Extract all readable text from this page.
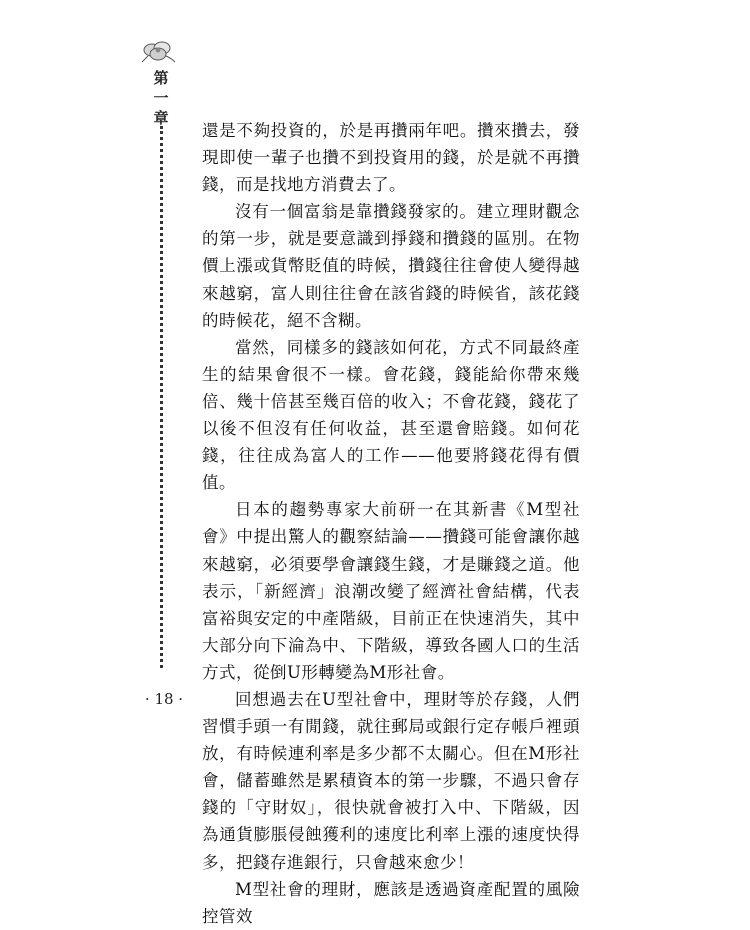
第
一
章

還是不夠投資的，於是再攢兩年吧。攢來攢去，發現即使一輩子也攢不到投資用的錢，於是就不再攢錢，而是找地方消費去了。

沒有一個富翁是靠攢錢發家的。建立理財觀念的第一步，就是要意識到掙錢和攢錢的區別。在物價上漲或貨幣貶值的時候，攢錢往往會使人變得越來越窮，富人則往往會在該省錢的時候省，該花錢的時候花，絕不含糊。

當然，同樣多的錢該如何花，方式不同最終產生的結果會很不一樣。會花錢，錢能給你帶來幾倍、幾十倍甚至幾百倍的收入；不會花錢，錢花了以後不但沒有任何收益，甚至還會賠錢。如何花錢，往往成為富人的工作——他要將錢花得有價值。

日本的趨勢專家大前研一在其新書《M型社會》中提出驚人的觀察結論——攢錢可能會讓你越來越窮，必須要學會讓錢生錢，才是賺錢之道。他表示，「新經濟」浪潮改變了經濟社會結構，代表富裕與安定的中產階級，目前正在快速消失，其中大部分向下淪為中、下階級，導致各國人口的生活方式，從倒U形轉變為M形社會。

回想過去在U型社會中，理財等於存錢，人們習慣手頭一有閒錢，就往郵局或銀行定存帳戶裡頭放，有時候連利率是多少都不太關心。但在M形社會，儲蓄雖然是累積資本的第一步驟，不過只會存錢的「守財奴」，很快就會被打入中、下階級，因為通貨膨脹侵蝕獲利的速度比利率上漲的速度快得多，把錢存進銀行，只會越來愈少！

M型社會的理財，應該是透過資產配置的風險控管效

· 18 ·
